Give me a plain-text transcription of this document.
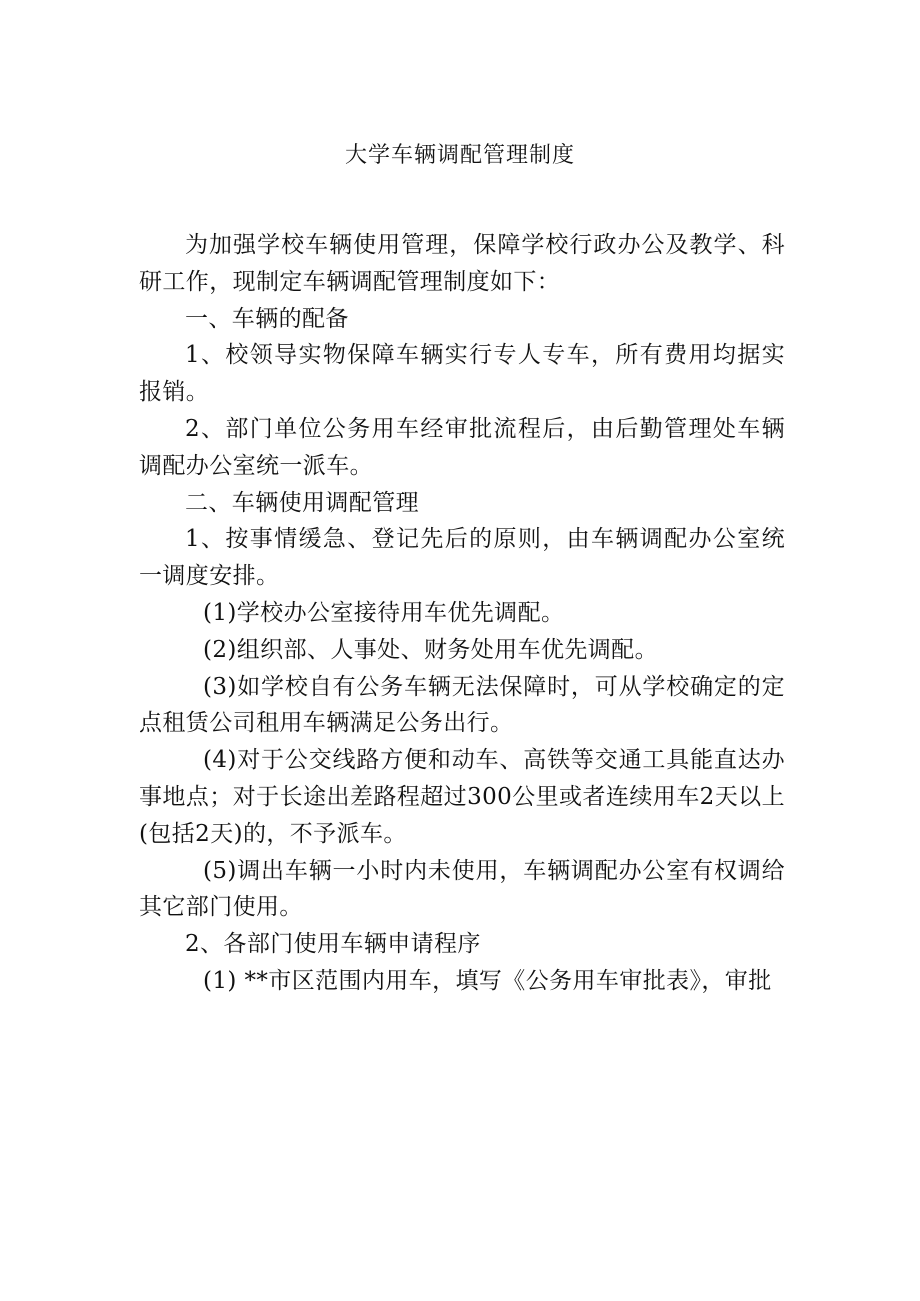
大学车辆调配管理制度

为加强学校车辆使用管理，保障学校行政办公及教学、科研工作，现制定车辆调配管理制度如下：

一、车辆的配备

1、校领导实物保障车辆实行专人专车，所有费用均据实报销。

2、部门单位公务用车经审批流程后，由后勤管理处车辆调配办公室统一派车。

二、车辆使用调配管理

1、按事情缓急、登记先后的原则，由车辆调配办公室统一调度安排。

(1)学校办公室接待用车优先调配。

(2)组织部、人事处、财务处用车优先调配。

(3)如学校自有公务车辆无法保障时，可从学校确定的定点租赁公司租用车辆满足公务出行。

(4)对于公交线路方便和动车、高铁等交通工具能直达办事地点；对于长途出差路程超过300公里或者连续用车2天以上(包括2天)的，不予派车。

(5)调出车辆一小时内未使用，车辆调配办公室有权调给其它部门使用。

2、各部门使用车辆申请程序

(1) **市区范围内用车，填写《公务用车审批表》，审批
